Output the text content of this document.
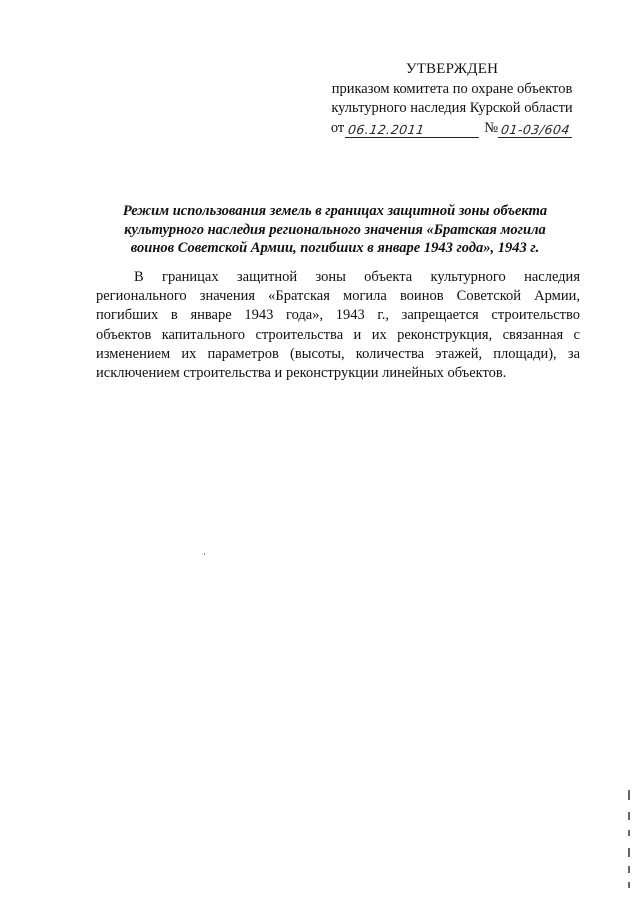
УТВЕРЖДЕН
приказом комитета по охране объектов
культурного наследия Курской области
от 06.12.2011	№ 01-03/604
Режим использования земель в границах защитной зоны объекта
культурного наследия регионального значения «Братская могила
воинов Советской Армии, погибших в январе 1943 года», 1943 г.
В границах защитной зоны объекта культурного наследия
регионального значения «Братская могила воинов Советской Армии,
погибших в январе 1943 года», 1943 г., запрещается строительство
объектов капитального строительства и их реконструкция, связанная с
изменением их параметров (высоты, количества этажей, площади), за
исключением строительства и реконструкции линейных объектов.
